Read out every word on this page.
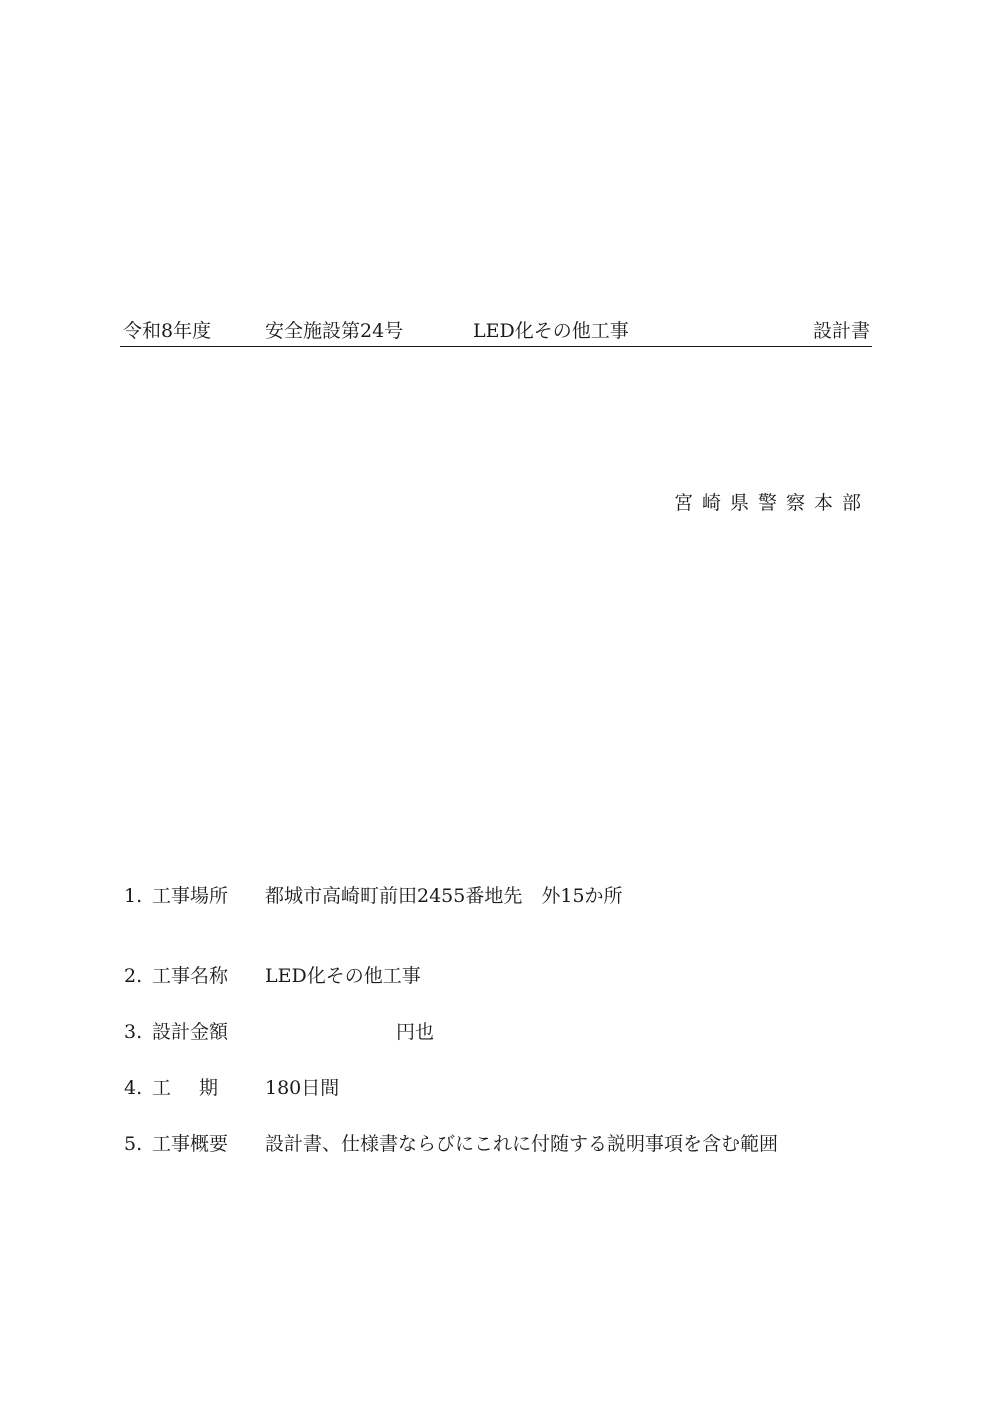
令和8年度	安全施設第24号	LED化その他工事	設計書
宮崎県警察本部
1. 工事場所 都城市高崎町前田2455番地先　外15か所
2. 工事名称 LED化その他工事
3. 設計金額	円也
4. 工 期 180日間
5. 工事概要 設計書、仕様書ならびにこれに付随する説明事項を含む範囲
